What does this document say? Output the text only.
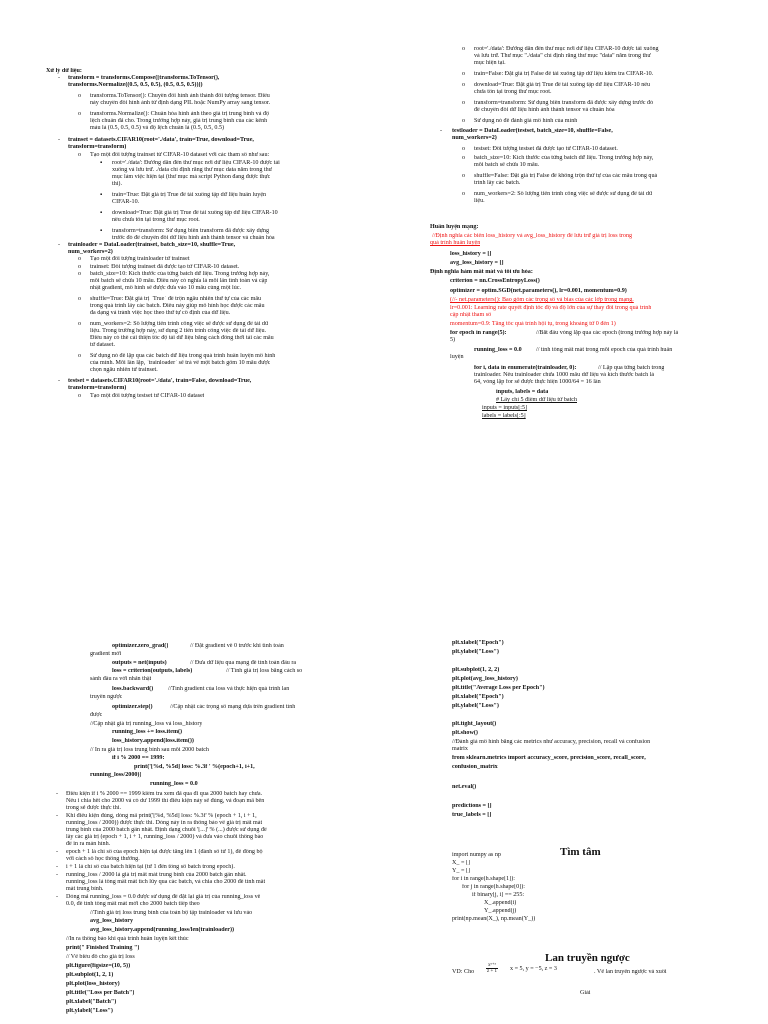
Xử lý dữ liệu:
- transform = transforms.Compose([transforms.ToTensor(),
transforms.Normalize((0.5, 0.5, 0.5), (0.5, 0.5, 0.5))])
o transforms.ToTensor(): Chuyển đổi hình ảnh thành đối tượng tensor. Điều
này chuyển đổi hình ảnh từ định dạng PIL hoặc NumPy array sang tensor.
o transforms.Normalize(): Chuẩn hóa hình ảnh theo giá trị trung bình và độ
lệch chuẩn đã cho. Trong trường hợp này, giá trị trung bình của các kênh
màu là (0.5, 0.5, 0.5) và độ lệch chuẩn là (0.5, 0.5, 0.5)
- trainset = datasets.CIFAR10(root='./data', train=True, download=True,
transform=transform)
o Tạo một đối tượng trainset từ CIFAR-10 dataset với các tham số như sau:
▪ root='./data': Đường dẫn đến thư mục nơi dữ liệu CIFAR-10 được tải
xuống và lưu trữ. ./data chỉ định rằng thư mục data nằm trong thư
mục làm việc hiện tại (thư mục mà script Python đang được thực
thi).
▪ train=True: Đặt giá trị True để tải xuống tập dữ liệu huấn luyện
CIFAR-10.
▪ download=True: Đặt giá trị True để tải xuống tập dữ liệu CIFAR-10
nếu chưa tồn tại trong thư mục root.
▪ transform=transform: Sử dụng biến transform đã được xây dựng
trước đó để chuyển đổi dữ liệu hình ảnh thành tensor và chuẩn hóa
- trainloader = DataLoader(trainset, batch_size=10, shuffle=True,
num_workers=2)
o Tạo một đối tượng trainloader từ trainset
o trainset: Đối tượng trainset đã được tạo từ CIFAR-10 dataset.
o batch_size=10: Kích thước của từng batch dữ liệu. Trong trường hợp này,
mỗi batch sẽ chứa 10 mẫu. Điều này có nghĩa là mỗi lần tính toán và cập
nhật gradient, mô hình sẽ được đưa vào 10 mẫu cùng một lúc.
o shuffle=True: Đặt giá trị `True` để trộn ngẫu nhiên thứ tự của các mẫu
trong quá trình lấy các batch. Điều này giúp mô hình học được các mẫu
đa dạng và tránh việc học theo thứ tự cố định của dữ liệu.
o num_workers=2: Số lượng tiến trình công việc sẽ được sử dụng để tải dữ
liệu. Trong trường hợp này, sử dụng 2 tiến trình công việc để tải dữ liệu.
Điều này có thể cải thiện tốc độ tải dữ liệu bằng cách đồng thời tải các mẫu
từ dataset.
o Sử dụng nó để lặp qua các batch dữ liệu trong quá trình huấn luyện mô hình
của mình. Mỗi lần lặp, `trainloader` sẽ trả về một batch gồm 10 mẫu được
chọn ngẫu nhiên từ trainset.
- testset = datasets.CIFAR10(root='./data', train=False, download=True,
transform=transform)
o Tạo một đối tượng testset từ CIFAR-10 dataset
o root='./data': Đường dẫn đến thư mục nơi dữ liệu CIFAR-10 được tải xuống
và lưu trữ. Thư mục "./data" chỉ định rằng thư mục "data" nằm trong thư
mục hiện tại.
o train=False: Đặt giá trị False để tải xuống tập dữ liệu kiểm tra CIFAR-10.
o download=True: Đặt giá trị True để tải xuống tập dữ liệu CIFAR-10 nếu
chưa tồn tại trong thư mục root.
o transform=transform: Sử dụng biến transform đã được xây dựng trước đó
để chuyển đổi dữ liệu hình ảnh thành tensor và chuẩn hóa
o Sử dụng nó để đánh giá mô hình của mình
- testloader = DataLoader(testset, batch_size=10, shuffle=False,
num_workers=2)
o testset: Đối tượng testset đã được tạo từ CIFAR-10 dataset.
o batch_size=10: Kích thước của từng batch dữ liệu. Trong trường hợp này,
mỗi batch sẽ chứa 10 mẫu.
o shuffle=False: Đặt giá trị False để không trộn thứ tự của các mẫu trong quá
trình lấy các batch.
o num_workers=2: Số lượng tiến trình công việc sẽ được sử dụng để tải dữ
liệu.
Huấn luyện mạng:
//Định nghĩa các biến loss_history và avg_loss_history để lưu trữ giá trị loss trong
quá trình huấn luyện
loss_history = []
avg_loss_history = []
Định nghĩa hàm mất mát và tối ưu hóa:
criterion = nn.CrossEntropyLoss()
optimizer = optim.SGD(net.parameters(), lr=0.001, momentum=0.9)
(//- net.parameters(): Bao gồm các trọng số và bias của các lớp trong mạng.
lr=0.001: Learning rate quyết định tốc độ và độ lớn của sự thay đổi trong quá trình
cập nhật tham số
momentum=0.9: Tăng tốc quá trình hội tụ, trong khoảng từ 0 đến 1)
for epoch in range(5):	//Bắt đầu vòng lặp qua các epoch (trong trường hợp này là
5)
running_loss = 0.0 // tính tổng mất mát trong mỗi epoch của quá trình huấn
luyện
for i, data in enumerate(trainloader, 0):	// Lặp qua từng batch trong
trainloader. Nếu trainloader chứa 1000 mẫu dữ liệu và kích thước batch là
64, vòng lặp for sẽ được thực hiện 1000/64 = 16 lần
inputs, labels = data
# Lấy chỉ 5 điểm dữ liệu từ batch
inputs = inputs[:5]
labels = labels[:5]
optimizer.zero_grad()	// Đặt gradient về 0 trước khi tính toán
gradient mới
outputs = net(inputs)	// Đưa dữ liệu qua mạng để tính toán đầu ra
loss = criterion(outputs, labels)	// Tính giá trị loss bằng cách so
sánh đầu ra với nhãn thật
loss.backward() //Tính gradient của loss và thực hiện quá trình lan
truyền ngược
optimizer.step()	//Cập nhật các trọng số mạng dựa trên gradient tính
được
//Cập nhật giá trị running_loss và loss_history
running_loss += loss.item()
loss_history.append(loss.item())
// In ra giá trị loss trung bình sau mỗi 2000 batch
if i % 2000 == 1999:
print('[%d, %5d] loss: %.3f ' %(epoch+1, i+1,
running_loss/2000))
running_loss = 0.0
- Điều kiện if i % 2000 == 1999 kiểm tra xem đã qua đi qua 2000 batch hay chưa.
Nếu i chia hết cho 2000 và có dư 1999 thì điều kiện này sẽ đúng, và đoạn mã bên
trong sẽ được thực thi.
- Khi điều kiện đúng, dòng mã print('[%d, %5d] loss: %.3f' % (epoch + 1, i + 1,
running_loss / 2000)) được thực thi. Dòng này in ra thông báo về giá trị mất mát
trung bình của 2000 batch gần nhất. Định dạng chuỗi '[...]' % (...) được sử dụng để
lấy các giá trị (epoch + 1, i + 1, running_loss / 2000) và đưa vào chuỗi thông báo
để in ra màn hình.
- epoch + 1 là chỉ số của epoch hiện tại được tăng lên 1 (đánh số từ 1), để đồng bộ
với cách số học thông thường.
- i + 1 là chỉ số của batch hiện tại (từ 1 đến tổng số batch trong epoch).
- running_loss / 2000 là giá trị mất mát trung bình của 2000 batch gần nhất.
running_loss là tổng mất mát tích lũy qua các batch, và chia cho 2000 để tính mất
mát trung bình.
- Dòng mã running_loss = 0.0 được sử dụng để đặt lại giá trị của running_loss về
0.0, để tính tổng mất mát mới cho 2000 batch tiếp theo
//Tính giá trị loss trung bình của toàn bộ tập trainloader và lưu vào
avg_loss_history
avg_loss_history.append(running_loss/len(trainloader))
//In ra thông báo khi quá trình huấn luyện kết thúc
print(" Finished Training ")
// Vẽ biểu đồ cho giá trị loss
plt.figure(figsize=(10, 5))
plt.subplot(1, 2, 1)
plt.plot(loss_history)
plt.title("Loss per Batch")
plt.xlabel("Batch")
plt.ylabel("Loss")
plt.xlabel("Epoch")
plt.ylabel("Loss")
plt.subplot(1, 2, 2)
plt.plot(avg_loss_history)
plt.title("Average Loss per Epoch")
plt.xlabel("Epoch")
plt.ylabel("Loss")
plt.tight_layout()
plt.show()
//Đánh giá mô hình bằng các metrics như accuracy, precision, recall và confusion
matrix
from sklearn.metrics import accuracy_score, precision_score, recall_score,
confusion_matrix
net.eval()
predictions = []
true_labels = []
import numpy as np
X_ = []
Y_ = []
for i in range(h.shape[1]):
for j in range(h.shape[0]):
if binary[j, i] == 255:
X_.append(i)
Y_.append(j)
print(np.mean(X_), np.mean(Y_))
VD: Cho	x = 5, y = −5, z = 3	. Vẽ lan truyền ngược và xuôi
Giải
Tìm tâm
Lan truyền ngược
$\frac{\text{xʸ⁺ᶻ}}{z + 1}$
